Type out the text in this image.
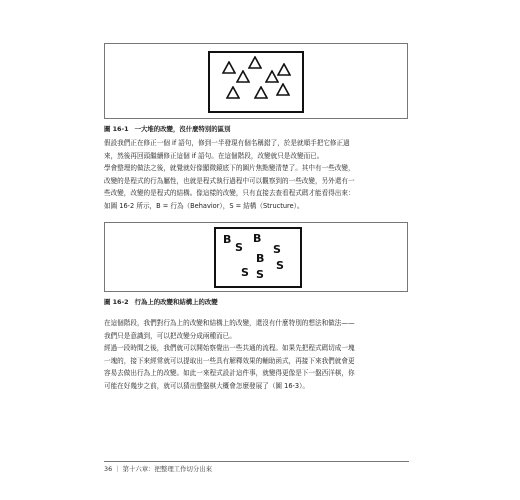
圖 16-1 一大堆的改變，沒什麼特別的區別
假設我們正在修正一個 if 語句，修到一半發現有個名稱錯了，於是就順手把它修正過
來，然後再回頭繼續修正這個 if 語句。在這個階段，改變就只是改變而已。
學會整理的做法之後，就覺就好像顯微鏡底下的圖片焦點變清楚了。其中有一些改變，
改變的是程式的行為屬性，也就是程式執行過程中可以觀察到的一些改變，另外還有一
些改變，改變的是程式的結構。像這樣的改變，只有直接去查看程式碼才能看得出來：
如圖 16-2 所示，B = 行為（Behavior），S = 結構（Structure）。
B B
S	S
B
S
S S
圖 16-2 行為上的改變和結構上的改變
在這個階段，我們對行為上的改變和結構上的改變，還沒有什麼特別的想法和做法——
我們只是意識到，可以把改變分成兩種而已。
經過一段時間之後，我們就可以開始察覺出一些共通的流程。如果先把程式碼切成一塊
一塊的，接下來經常就可以提取出一些具有解釋效果的輔助函式，再接下來我們就會更
容易去做出行為上的改變。如此一來程式設計這件事，就變得更像是下一盤西洋棋，你
可能在好幾步之前，就可以猜出整盤棋大概會怎麼發展了（圖 16-3）。
36 ｜ 第十六章：把整理工作切分出來
